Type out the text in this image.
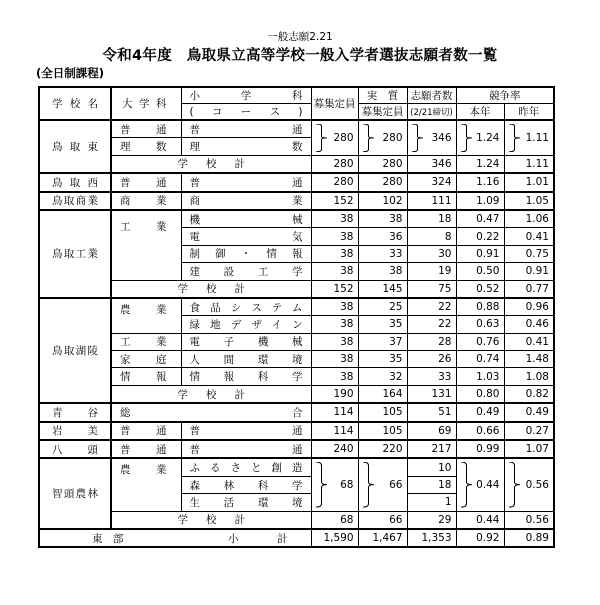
一般志願2.21
令和4年度　鳥取県立高等学校一般入学者選抜志願者数一覧
(全日制課程)
学校名	大学科	小　　　学　　　科	募集定員	実　質	志願者数	競争率	
		(　コ　ー　ス　)		募集定員	(2/21締切)	本年	昨年
鳥取東	普通	普通	280	280	346	1.24	1.11
	理数	理数					
	学校計		280	280	346	1.24	1.11
鳥取西	普通	普通	280	280	324	1.16	1.01
鳥取商業	商業	商業	152	102	111	1.09	1.05
鳥取工業	工業	機械	38	38	18	0.47	1.06
		電気	38	36	8	0.22	0.41
		制御・情報	38	33	30	0.91	0.75
		建設工学	38	38	19	0.50	0.91
	学校計		152	145	75	0.52	0.77
鳥取湖陵	農業	食品システム	38	25	22	0.88	0.96
		緑地デザイン	38	35	22	0.63	0.46
	工業	電子機械	38	37	28	0.76	0.41
	家庭	人間環境	38	35	26	0.74	1.48
	情報	情報科学	38	32	33	1.03	1.08
	学校計		190	164	131	0.80	0.82
青谷	総合		114	105	51	0.49	0.49
岩美	普通	普通	114	105	69	0.66	0.27
八頭	普通	普通	240	220	217	0.99	1.07
智頭農林	農業	ふるさと創造	68	66	10	0.44	0.56
		森林科学			18		
		生活環境			1		
	学校計		68	66	29	0.44	0.56

東　部 小　計			1,590	1,467	1,353	0.92	0.89
